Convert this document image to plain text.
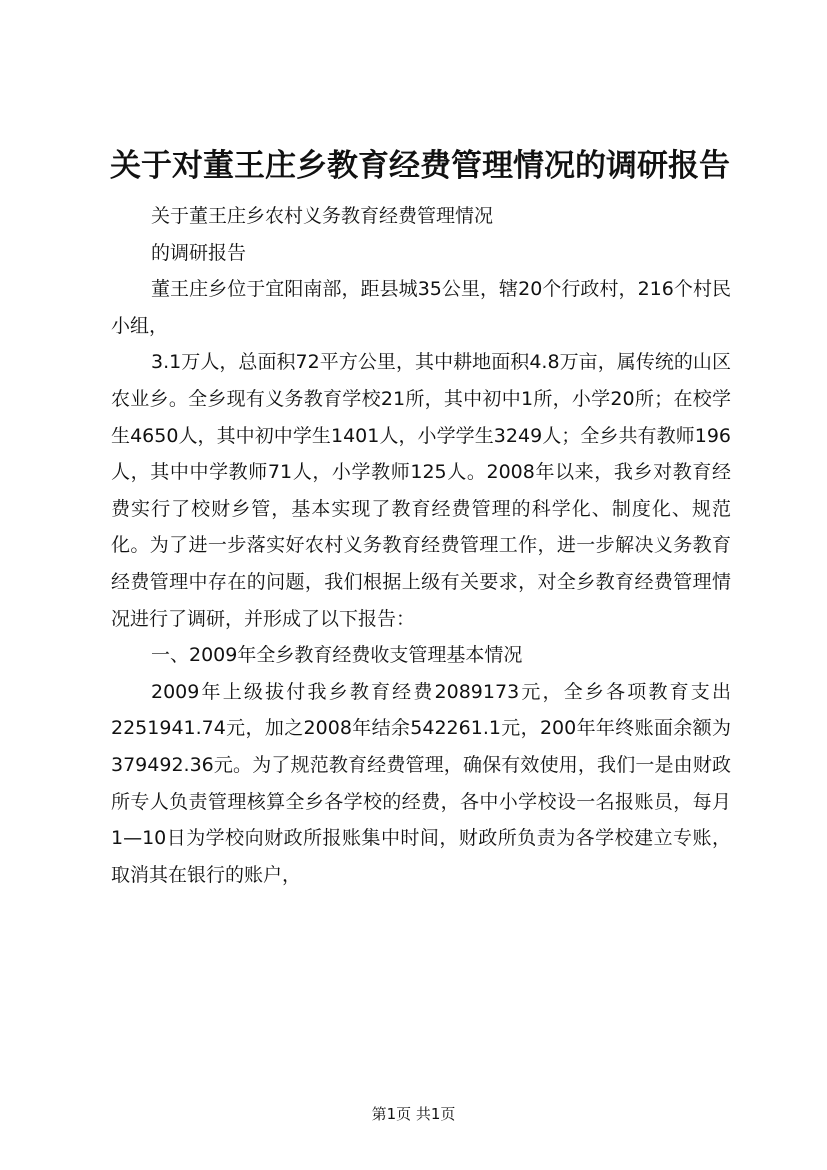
关于对董王庄乡教育经费管理情况的调研报告

关于董王庄乡农村义务教育经费管理情况

的调研报告

董王庄乡位于宜阳南部，距县城35公里，辖20个行政村，216个村民小组，

3.1万人，总面积72平方公里，其中耕地面积4.8万亩，属传统的山区农业乡。全乡现有义务教育学校21所，其中初中1所，小学20所；在校学生4650人，其中初中学生1401人，小学学生3249人；全乡共有教师196人，其中中学教师71人，小学教师125人。2008年以来，我乡对教育经费实行了校财乡管，基本实现了教育经费管理的科学化、制度化、规范化。为了进一步落实好农村义务教育经费管理工作，进一步解决义务教育经费管理中存在的问题，我们根据上级有关要求，对全乡教育经费管理情况进行了调研，并形成了以下报告：

一、2009年全乡教育经费收支管理基本情况

2009年上级拔付我乡教育经费2089173元，全乡各项教育支出2251941.74元，加之2008年结余542261.1元，200年年终账面余额为379492.36元。为了规范教育经费管理，确保有效使用，我们一是由财政所专人负责管理核算全乡各学校的经费，各中小学校设一名报账员，每月1—10日为学校向财政所报账集中时间，财政所负责为各学校建立专账，取消其在银行的账户，

第1页 共1页
